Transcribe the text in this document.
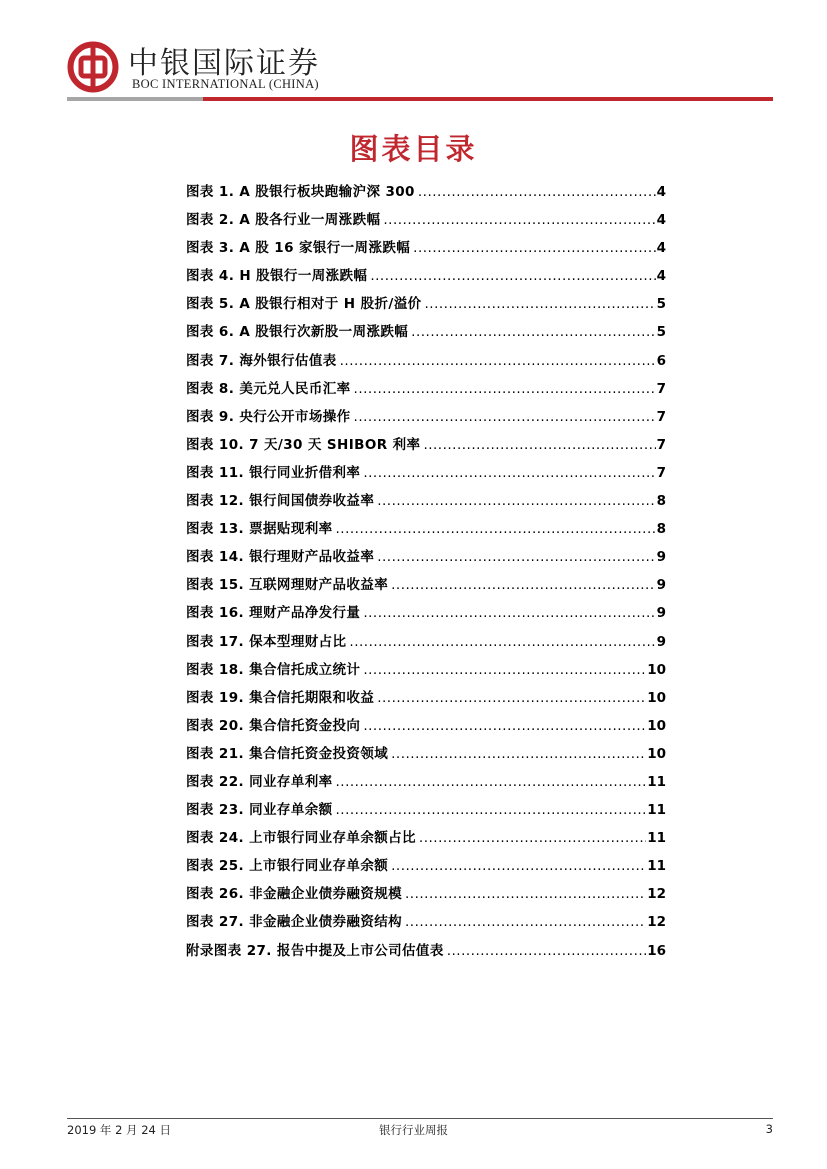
中银国际证券
BOC INTERNATIONAL (CHINA)
图表目录
图表 1. A 股银行板块跑输沪深 300 .....	4
图表 2. A 股各行业一周涨跌幅 .....	4
图表 3. A 股 16 家银行一周涨跌幅 .....	4
图表 4. H 股银行一周涨跌幅 .....	4
图表 5. A 股银行相对于 H 股折/溢价 .....	5
图表 6. A 股银行次新股一周涨跌幅 .....	5
图表 7. 海外银行估值表 .....	6
图表 8. 美元兑人民币汇率 .....	7
图表 9. 央行公开市场操作 .....	7
图表 10. 7 天/30 天 SHIBOR 利率 .....	7
图表 11. 银行同业折借利率 .....	7
图表 12. 银行间国债券收益率 .....	8
图表 13. 票据贴现利率 .....	8
图表 14. 银行理财产品收益率 .....	9
图表 15. 互联网理财产品收益率 .....	9
图表 16. 理财产品净发行量 .....	9
图表 17. 保本型理财占比 .....	9
图表 18. 集合信托成立统计 .....	10
图表 19. 集合信托期限和收益 .....	10
图表 20. 集合信托资金投向 .....	10
图表 21. 集合信托资金投资领域 .....	10
图表 22. 同业存单利率 .....	11
图表 23. 同业存单余额 .....	11
图表 24. 上市银行同业存单余额占比 .....	11
图表 25. 上市银行同业存单余额 .....	11
图表 26. 非金融企业债券融资规模 .....	12
图表 27. 非金融企业债券融资结构 .....	12
附录图表 27. 报告中提及上市公司估值表 .....	16
2019 年 2 月 24 日	银行行业周报	3
